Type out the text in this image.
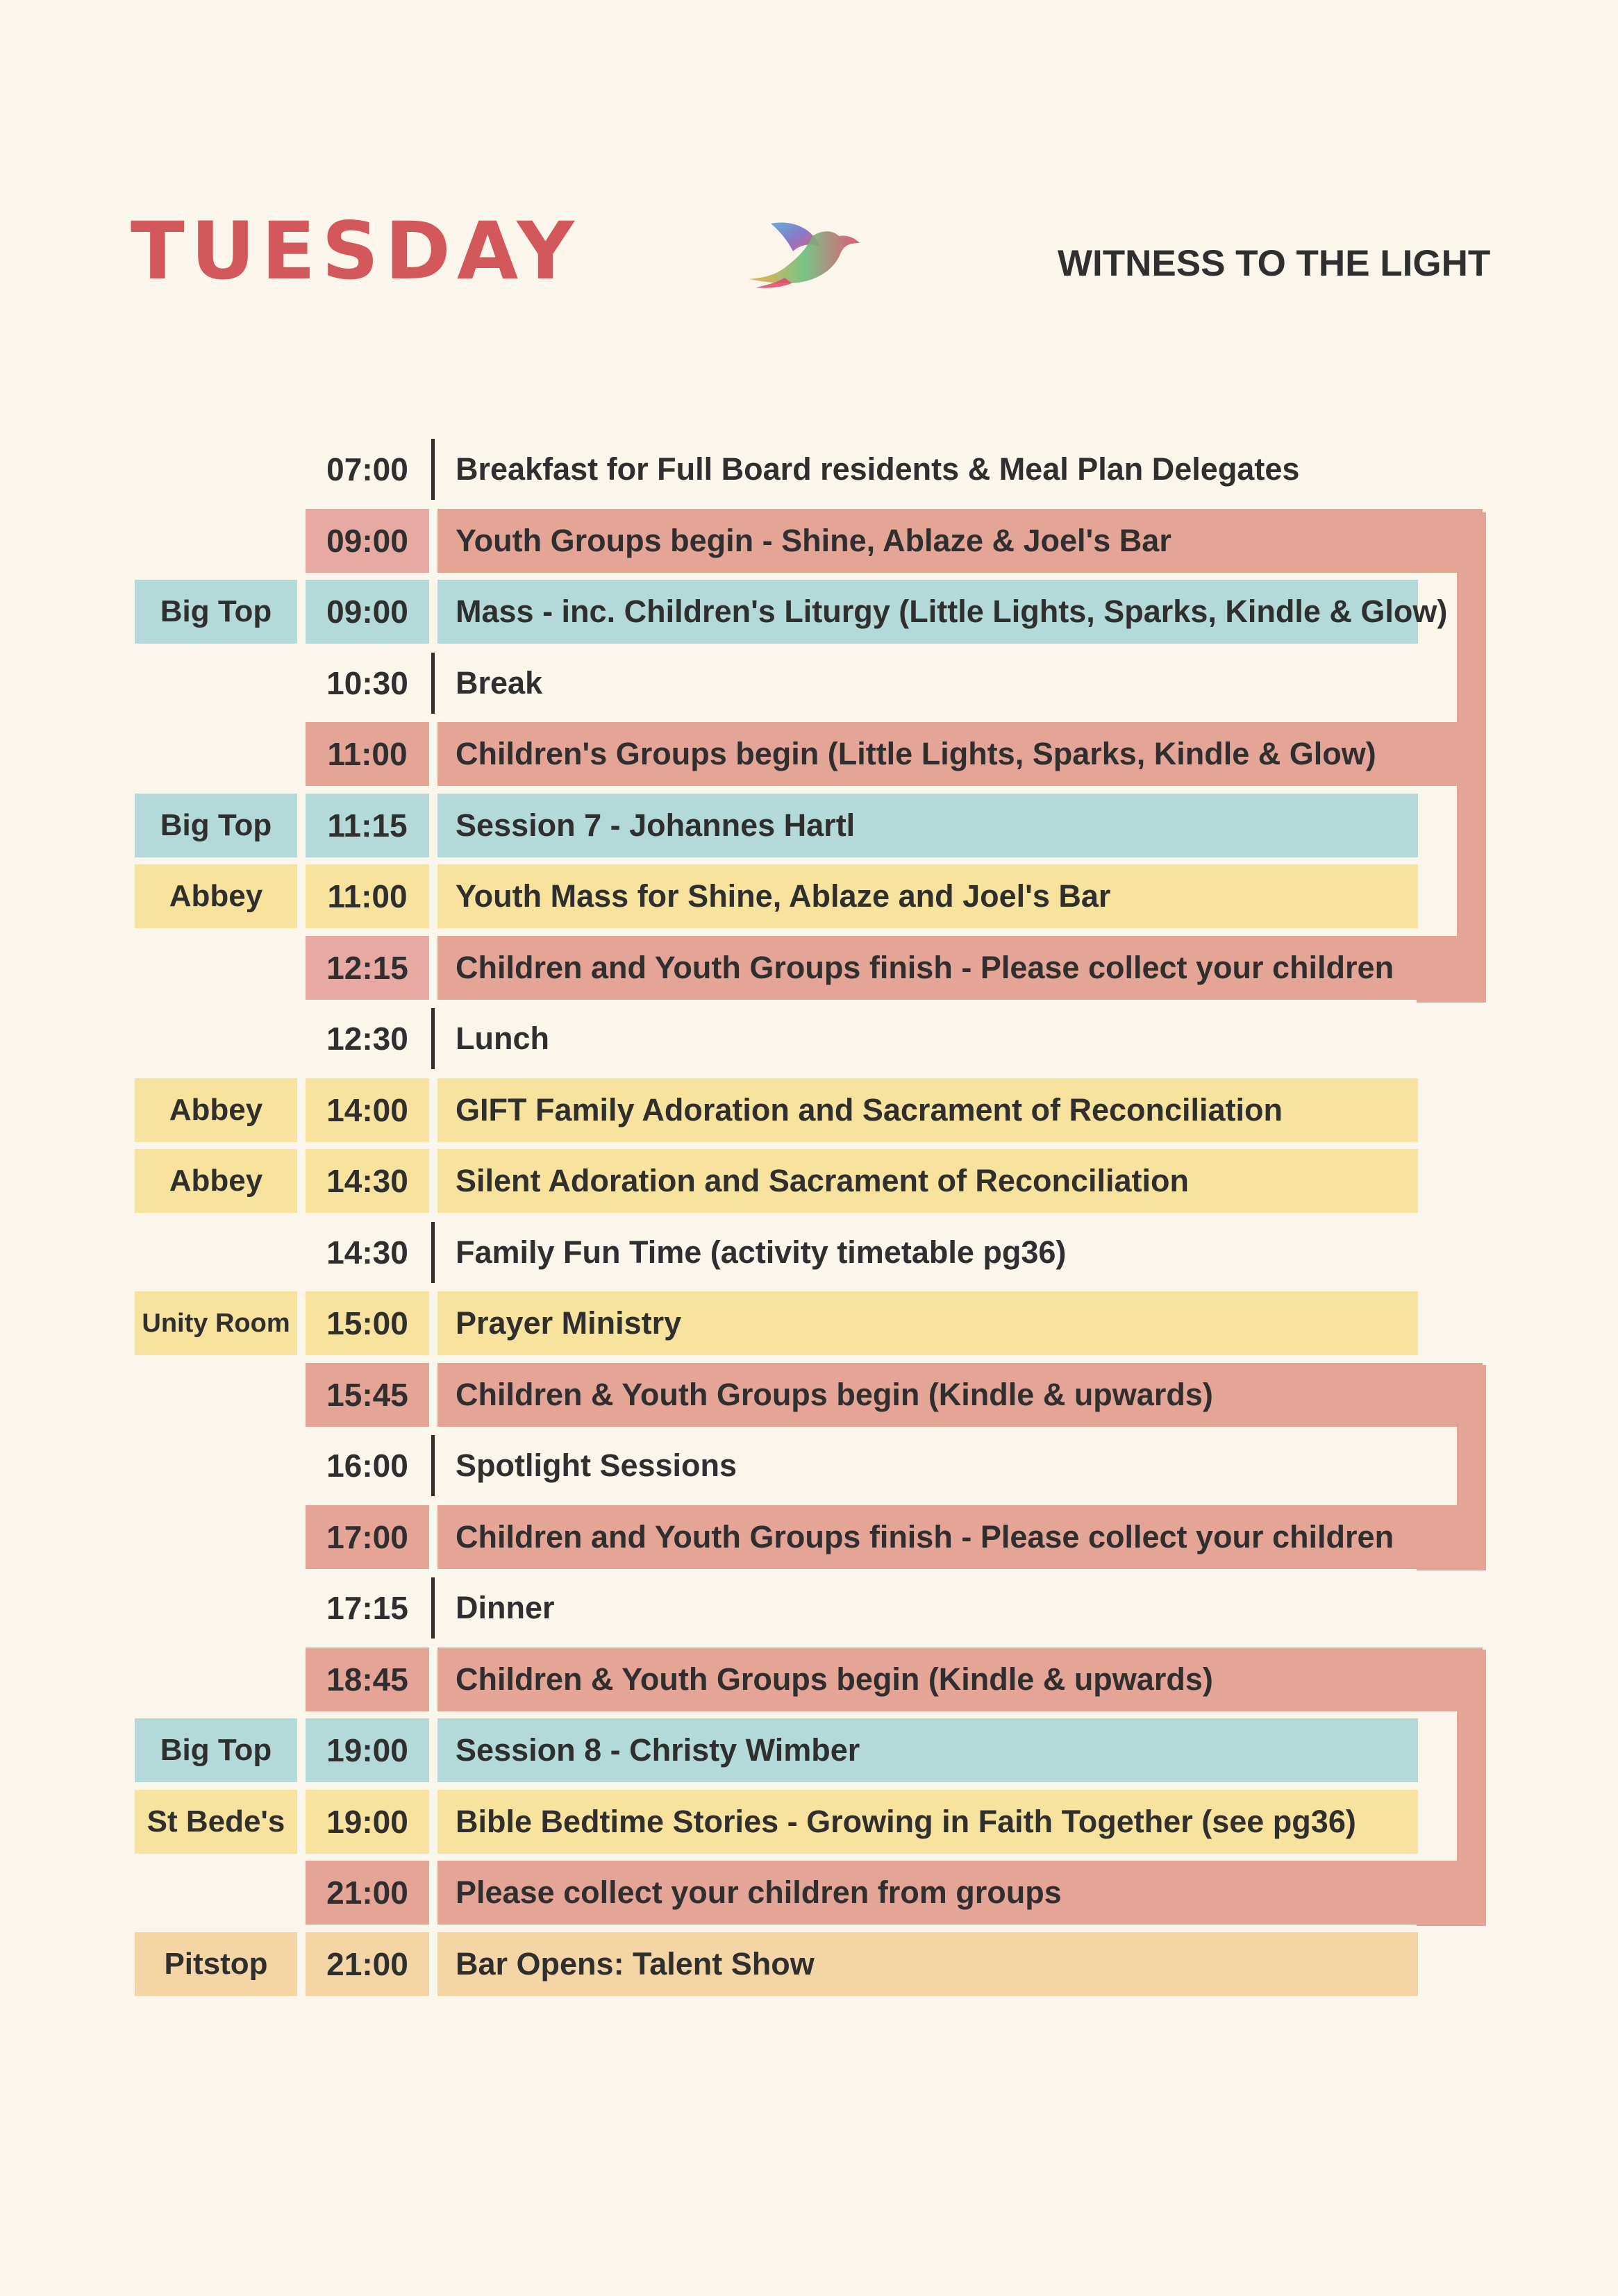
TUESDAY	WITNESS TO THE LIGHT
07:00	Breakfast for Full Board residents & Meal Plan Delegates
09:00	Youth Groups begin - Shine, Ablaze & Joel's Bar
Big Top	09:00	Mass - inc. Children's Liturgy (Little Lights, Sparks, Kindle & Glow)
10:30	Break
11:00	Children's Groups begin (Little Lights, Sparks, Kindle & Glow)
Big Top	11:15	Session 7 - Johannes Hartl
Abbey	11:00	Youth Mass for Shine, Ablaze and Joel's Bar
12:15	Children and Youth Groups finish - Please collect your children
12:30	Lunch
Abbey	14:00	GIFT Family Adoration and Sacrament of Reconciliation
Abbey	14:30	Silent Adoration and Sacrament of Reconciliation
14:30	Family Fun Time (activity timetable pg36)
Unity Room	15:00	Prayer Ministry
15:45	Children & Youth Groups begin (Kindle & upwards)
16:00	Spotlight Sessions
17:00	Children and Youth Groups finish - Please collect your children
17:15	Dinner
18:45	Children & Youth Groups begin (Kindle & upwards)
Big Top	19:00	Session 8 - Christy Wimber
St Bede's	19:00	Bible Bedtime Stories - Growing in Faith Together (see pg36)
21:00	Please collect your children from groups
Pitstop	21:00	Bar Opens: Talent Show
